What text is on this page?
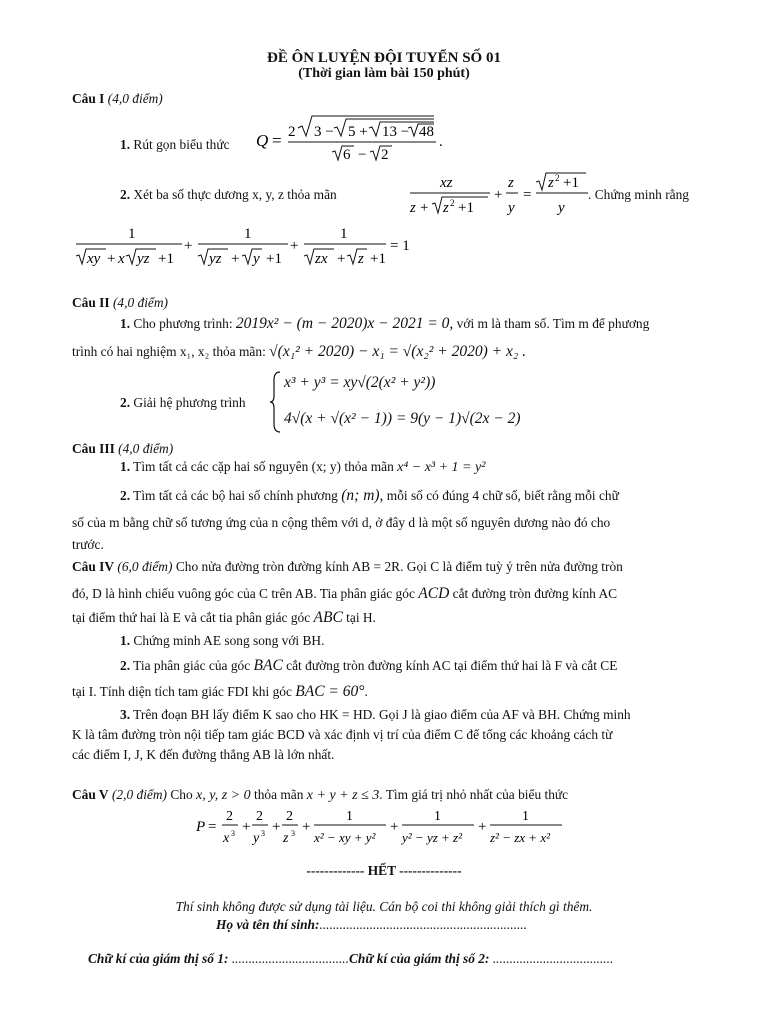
ĐỀ ÔN LUYỆN ĐỘI TUYỂN SỐ 01
(Thời gian làm bài 150 phút)
Câu I (4,0 điểm)
1. Rút gọn biểu thức Q = 2 3 − 5 + 13 − 48
6 − 2
.
2. Xét ba số thực dương x, y, z thỏa mãn
xz
z + z 2 +1
+
z
y
=
z 2 +1
y
. Chứng minh rằng
1
xy + x yz +1
+
1
yz + y +1
+
1
zx + z +1
= 1
Câu II (4,0 điểm)
1. Cho phương trình: 2019x² − (m − 2020)x − 2021 = 0, với m là tham số. Tìm m để phương
trình có hai nghiệm x₁, x₂ thỏa mãn: √(x₁² + 2020) − x₁ = √(x₂² + 2020) + x₂ .
2. Giải hệ phương trình
x³ + y³ = xy√(2(x² + y²))
4√(x + √(x² − 1)) = 9(y − 1)√(2x − 2)
Câu III (4,0 điểm)
1. Tìm tất cả các cặp hai số nguyên (x; y) thỏa mãn x⁴ − x³ + 1 = y²
2. Tìm tất cả các bộ hai số chính phương (n; m), mỗi số có đúng 4 chữ số, biết rằng mỗi chữ
số của m bằng chữ số tương ứng của n cộng thêm với d, ở đây d là một số nguyên dương nào đó cho
trước.
Câu IV (6,0 điểm) Cho nửa đường tròn đường kính AB = 2R. Gọi C là điểm tuỳ ý trên nửa đường tròn
đó, D là hình chiếu vuông góc của C trên AB. Tia phân giác góc ACD cắt đường tròn đường kính AC
tại điểm thứ hai là E và cắt tia phân giác góc ABC tại H.
1. Chứng minh AE song song với BH.
2. Tia phân giác của góc BAC cắt đường tròn đường kính AC tại điểm thứ hai là F và cắt CE
tại I. Tính diện tích tam giác FDI khi góc BAC = 60°.
3. Trên đoạn BH lấy điểm K sao cho HK = HD. Gọi J là giao điểm của AF và BH. Chứng minh
K là tâm đường tròn nội tiếp tam giác BCD và xác định vị trí của điểm C để tổng các khoảng cách từ
các điểm I, J, K đến đường thẳng AB là lớn nhất.
Câu V (2,0 điểm) Cho x, y, z > 0 thỏa mãn x + y + z ≤ 3. Tìm giá trị nhỏ nhất của biểu thức
P =
2
x 3 +
2
y 3 +
2
z 3 +
1
x² − xy + y²
+
1
y² − yz + z²
+
1
z² − zx + x²
------------- HẾT --------------
Thí sinh không được sử dụng tài liệu. Cán bộ coi thi không giải thích gì thêm.
Họ và tên thí sinh:..............................................................
Chữ kí của giám thị số 1: ...................................Chữ kí của giám thị số 2: ....................................
